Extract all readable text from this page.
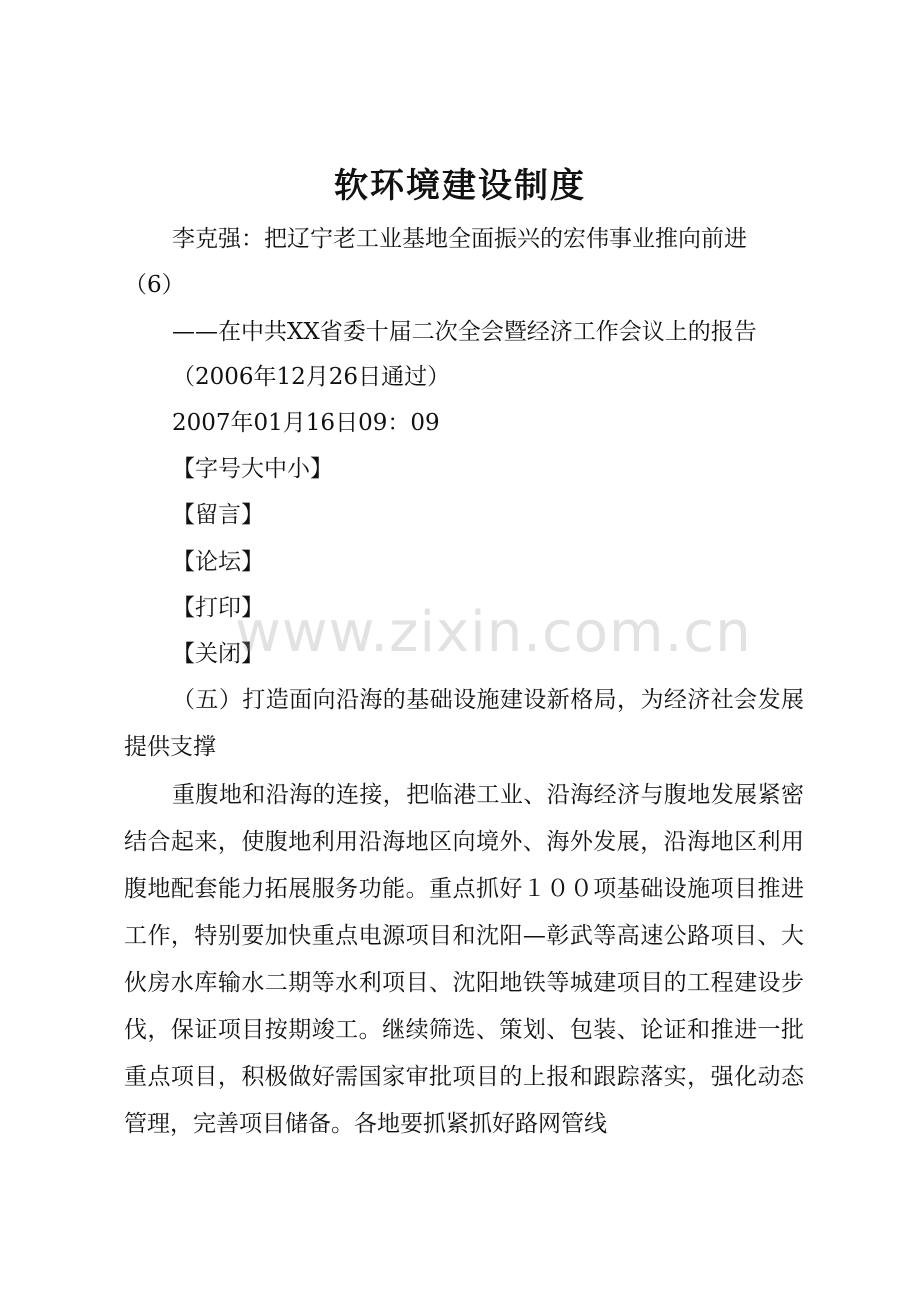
软环境建设制度
李克强：把辽宁老工业基地全面振兴的宏伟事业推向前进
（6）
——在中共XX省委十届二次全会暨经济工作会议上的报告
（2006年12月26日通过）
2007年01月16日09：09
【字号大中小】
【留言】
【论坛】
【打印】
【关闭】
（五）打造面向沿海的基础设施建设新格局，为经济社会发展提供支撑
重腹地和沿海的连接，把临港工业、沿海经济与腹地发展紧密结合起来，使腹地利用沿海地区向境外、海外发展，沿海地区利用腹地配套能力拓展服务功能。重点抓好１００项基础设施项目推进工作，特别要加快重点电源项目和沈阳—彰武等高速公路项目、大伙房水库输水二期等水利项目、沈阳地铁等城建项目的工程建设步伐，保证项目按期竣工。继续筛选、策划、包装、论证和推进一批重点项目，积极做好需国家审批项目的上报和跟踪落实，强化动态管理，完善项目储备。各地要抓紧抓好路网管线
www.zixin.com.cn
